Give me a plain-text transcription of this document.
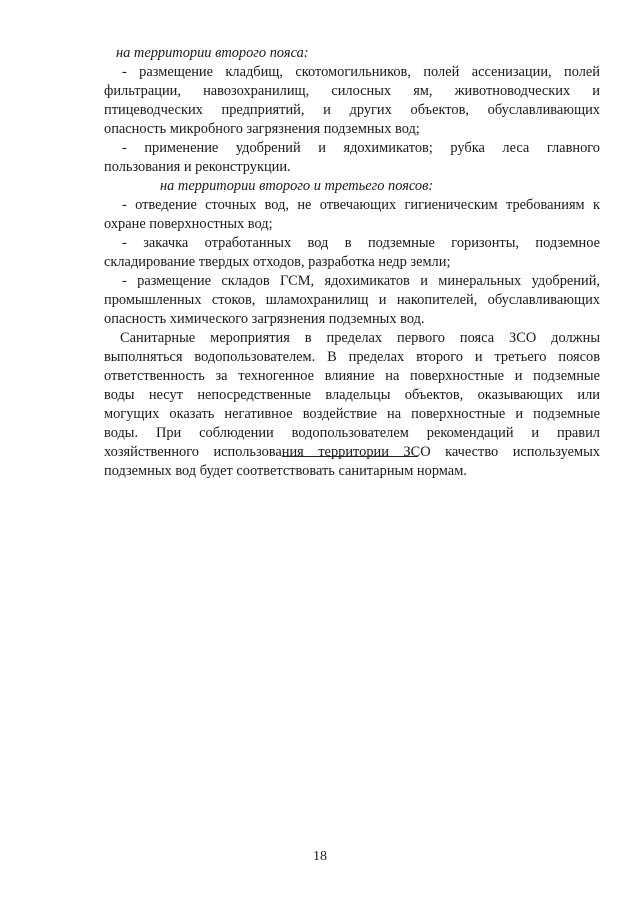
на территории второго пояса:
- размещение кладбищ, скотомогильников, полей ассенизации, полей
фильтрации, навозохранилищ, силосных ям, животноводческих и
птицеводческих предприятий, и других объектов, обуславливающих
опасность микробного загрязнения подземных вод;
- применение удобрений и ядохимикатов; рубка леса главного
пользования и реконструкции.
на территории второго и третьего поясов:
- отведение сточных вод, не отвечающих гигиеническим требованиям к
охране поверхностных вод;
- закачка отработанных вод в подземные горизонты, подземное
складирование твердых отходов, разработка недр земли;
- размещение складов ГСМ, ядохимикатов и минеральных удобрений,
промышленных стоков, шламохранилищ и накопителей, обуславливающих
опасность химического загрязнения подземных вод.
Санитарные мероприятия в пределах первого пояса ЗСО должны
выполняться водопользователем. В пределах второго и третьего поясов
ответственность за техногенное влияние на поверхностные и подземные
воды несут непосредственные владельцы объектов, оказывающих или
могущих оказать негативное воздействие на поверхностные и подземные
воды. При соблюдении водопользователем рекомендаций и правил
хозяйственного использования территории ЗСО качество используемых
подземных вод будет соответствовать санитарным нормам.
18
